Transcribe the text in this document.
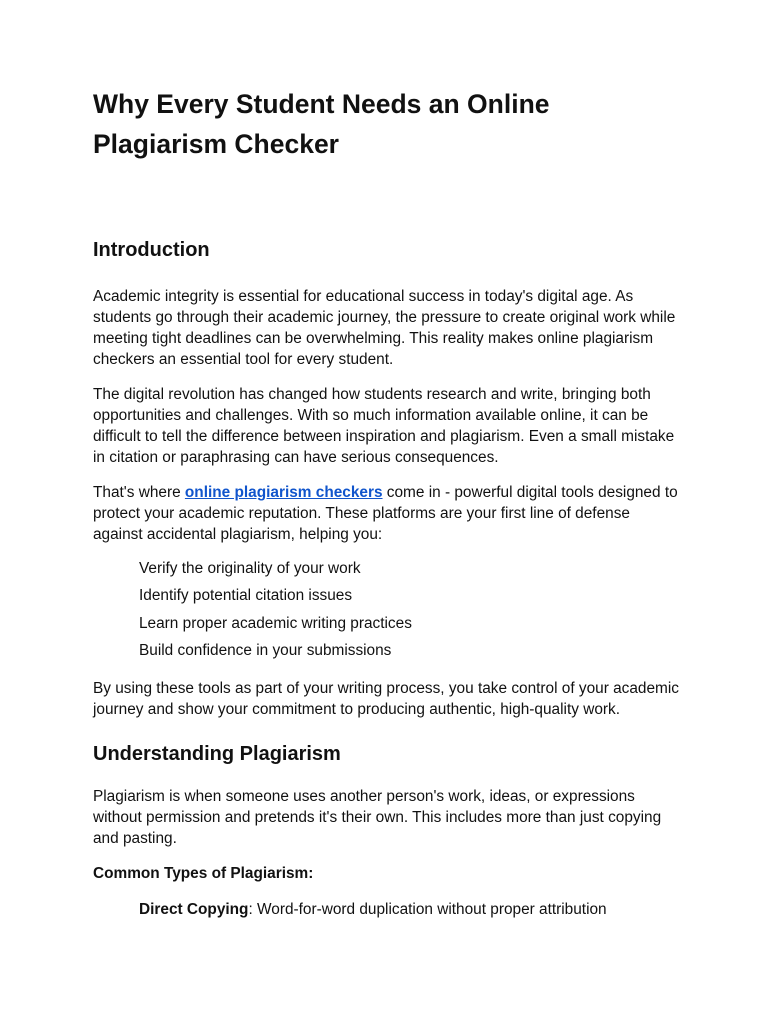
Why Every Student Needs an Online Plagiarism Checker
Introduction

Academic integrity is essential for educational success in today's digital age. As students go through their academic journey, the pressure to create original work while meeting tight deadlines can be overwhelming. This reality makes online plagiarism checkers an essential tool for every student.

The digital revolution has changed how students research and write, bringing both opportunities and challenges. With so much information available online, it can be difficult to tell the difference between inspiration and plagiarism. Even a small mistake in citation or paraphrasing can have serious consequences.

That's where online plagiarism checkers come in - powerful digital tools designed to protect your academic reputation. These platforms are your first line of defense against accidental plagiarism, helping you:

Verify the originality of your work
Identify potential citation issues
Learn proper academic writing practices
Build confidence in your submissions

By using these tools as part of your writing process, you take control of your academic journey and show your commitment to producing authentic, high-quality work.

Understanding Plagiarism

Plagiarism is when someone uses another person's work, ideas, or expressions without permission and pretends it's their own. This includes more than just copying and pasting.

Common Types of Plagiarism:

Direct Copying: Word-for-word duplication without proper attribution
